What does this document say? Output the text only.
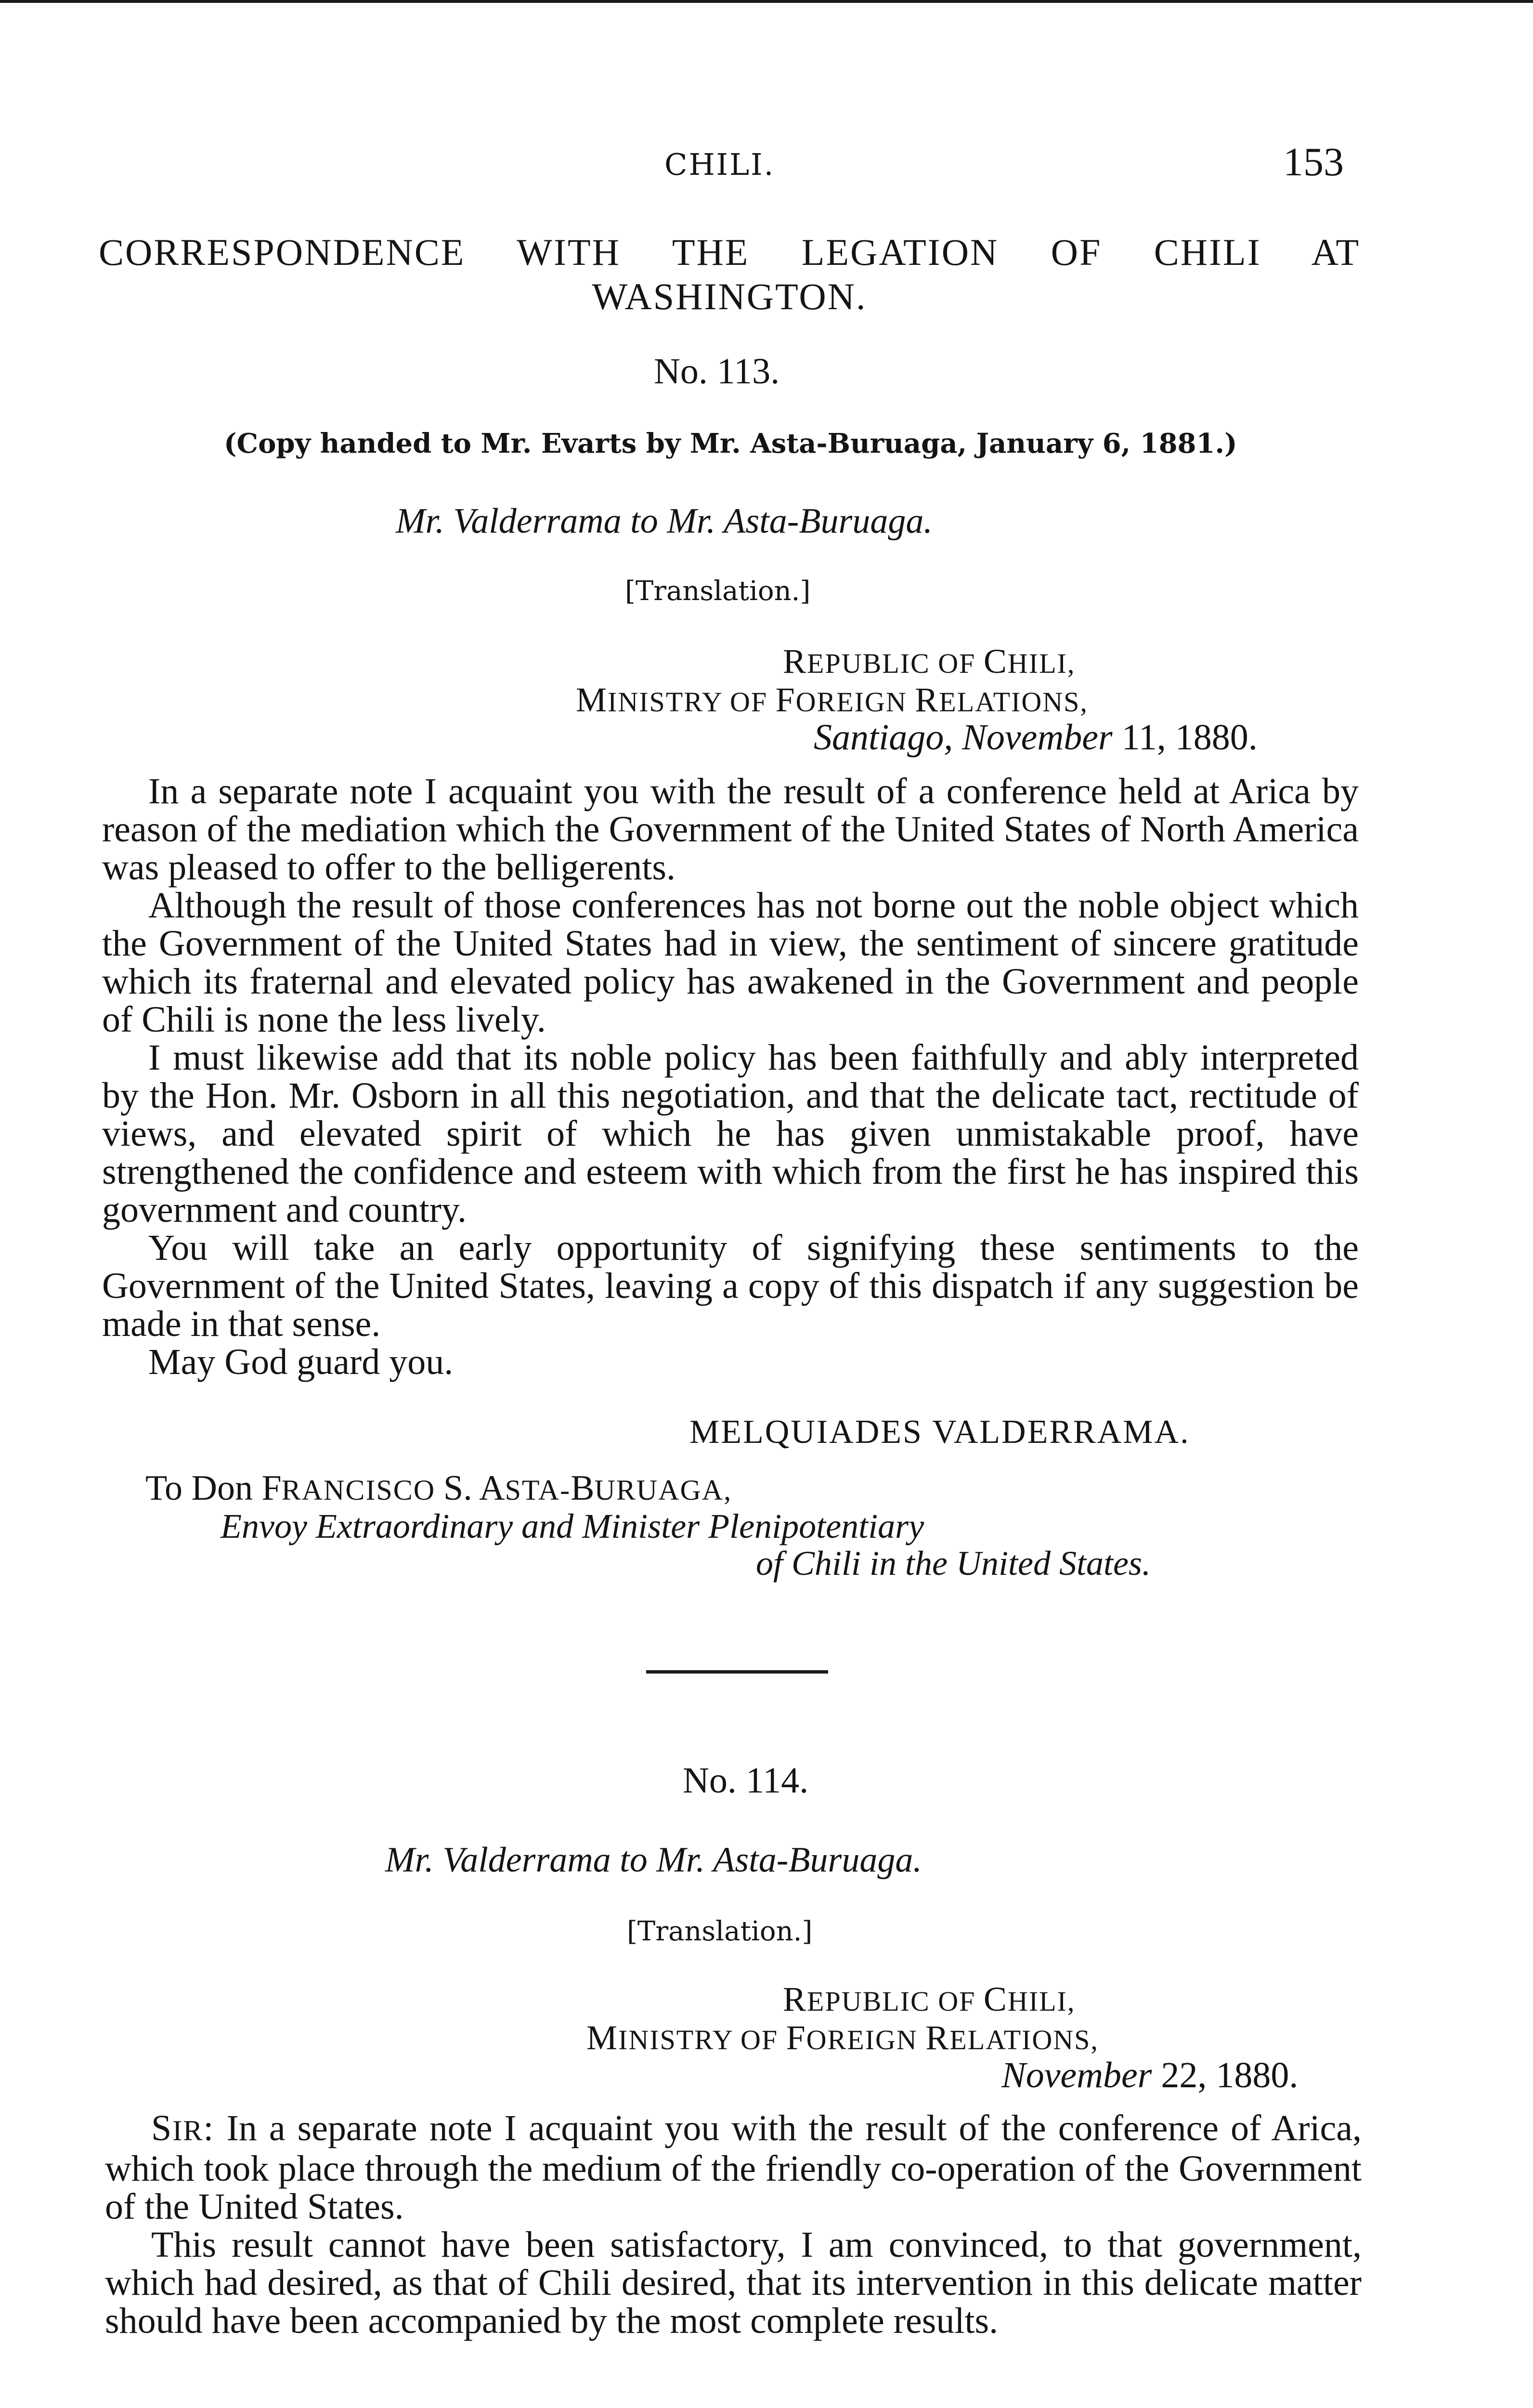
CHILI.	153
CORRESPONDENCE WITH THE LEGATION OF CHILI AT
WASHINGTON.
No. 113.
(Copy handed to Mr. Evarts by Mr. Asta-Buruaga, January 6, 1881.)
Mr. Valderrama to Mr. Asta-Buruaga.
[Translation.]
REPUBLIC OF CHILI,
MINISTRY OF FOREIGN RELATIONS,
Santiago, November 11, 1880.

In a separate note I acquaint you with the result of a conference held at Arica by reason of the mediation which the Government of the United States of North America was pleased to offer to the belligerents.

Although the result of those conferences has not borne out the noble object which the Government of the United States had in view, the sentiment of sincere gratitude which its fraternal and elevated policy has awakened in the Government and people of Chili is none the less lively.

I must likewise add that its noble policy has been faithfully and ably interpreted by the Hon. Mr. Osborn in all this negotiation, and that the delicate tact, rectitude of views, and elevated spirit of which he has given unmistakable proof, have strengthened the confidence and esteem with which from the first he has inspired this government and country.

You will take an early opportunity of signifying these sentiments to the Government of the United States, leaving a copy of this dispatch if any suggestion be made in that sense.

May God guard you.

MELQUIADES VALDERRAMA.
To Don FRANCISCO S. ASTA-BURUAGA,
Envoy Extraordinary and Minister Plenipotentiary
of Chili in the United States.
No. 114.
Mr. Valderrama to Mr. Asta-Buruaga.
[Translation.]
REPUBLIC OF CHILI,
MINISTRY OF FOREIGN RELATIONS,
November 22, 1880.

SIR: In a separate note I acquaint you with the result of the conference of Arica, which took place through the medium of the friendly co-operation of the Government of the United States.

This result cannot have been satisfactory, I am convinced, to that government, which had desired, as that of Chili desired, that its intervention in this delicate matter should have been accompanied by the most complete results.
